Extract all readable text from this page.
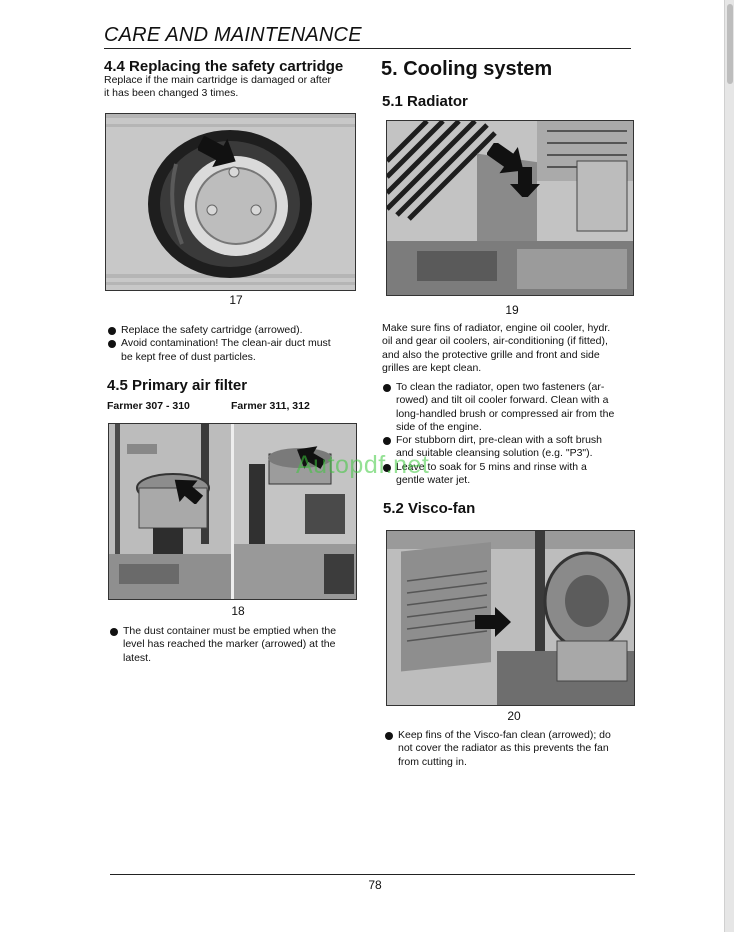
CARE AND MAINTENANCE
4.4 Replacing the safety cartridge
Replace if the main cartridge is damaged or after
it has been changed 3 times.
17
Replace the safety cartridge (arrowed).
Avoid contamination! The clean-air duct must
be kept free of dust particles.
4.5 Primary air filter
Farmer 307 - 310	Farmer 311, 312
18
The dust container must be emptied when the
level has reached the marker (arrowed) at the
latest.
5. Cooling system
5.1 Radiator
19
Make sure fins of radiator, engine oil cooler, hydr.
oil and gear oil coolers, air-conditioning (if fitted),
and also the protective grille and front and side
grilles are kept clean.
To clean the radiator, open two fasteners (ar-
rowed) and tilt oil cooler forward. Clean with a
long-handled brush or compressed air from the
side of the engine.
For stubborn dirt, pre-clean with a soft brush
and suitable cleansing solution (e.g. "P3").
Leave to soak for 5 mins and rinse with a
gentle water jet.
5.2 Visco-fan
20
Keep fins of the Visco-fan clean (arrowed); do
not cover the radiator as this prevents the fan
from cutting in.
78
Autopdf.net
